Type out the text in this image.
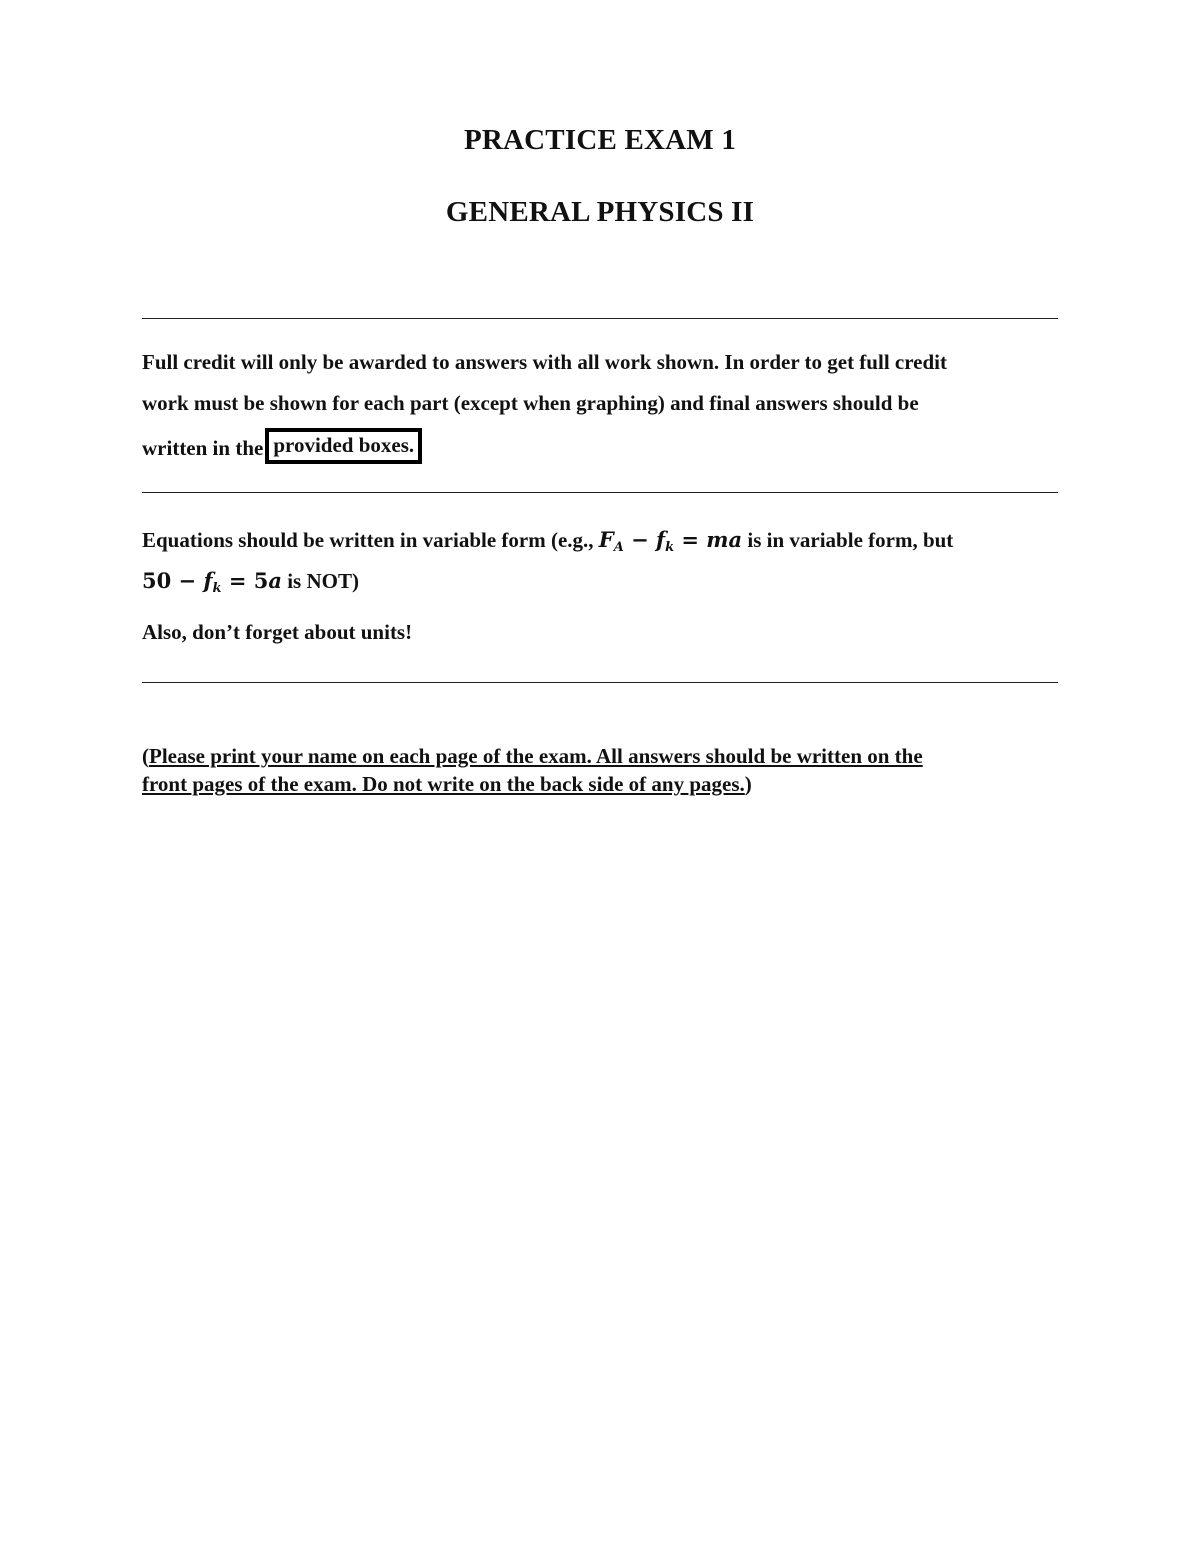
PRACTICE EXAM 1
GENERAL PHYSICS II
Full credit will only be awarded to answers with all work shown. In order to get full credit
work must be shown for each part (except when graphing) and final answers should be
written in the provided boxes.
Equations should be written in variable form (e.g., $F_A - f_k$ = ma is in variable form, but
$50 - f_k = 5a$ is NOT)
Also, don’t forget about units!
(Please print your name on each page of the exam. All answers should be written on the
front pages of the exam. Do not write on the back side of any pages.)
